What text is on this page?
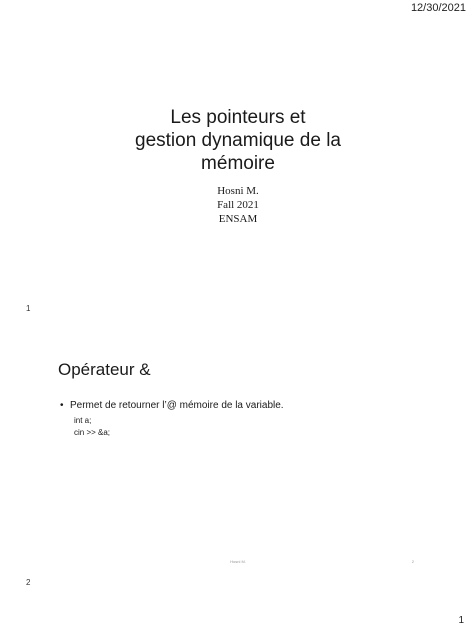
12/30/2021
Les pointeurs et
gestion dynamique de la
mémoire
Hosni M.
Fall 2021
ENSAM
1
Opérateur &
• Permet de retourner l’@ mémoire de la variable.
int a;
cin >> &a;
Hosni M.	2
2
1
